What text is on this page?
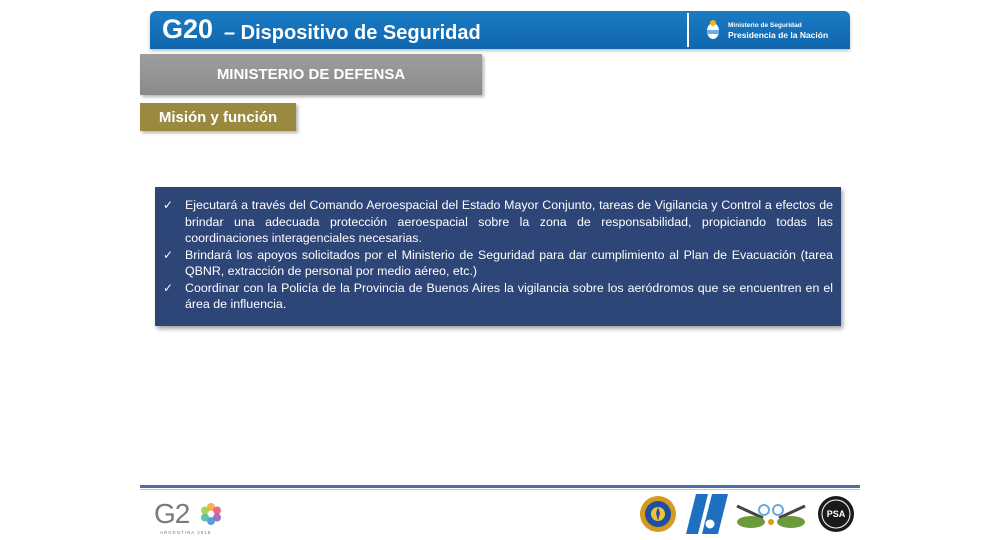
G20 – Dispositivo de Seguridad	Ministerio de Seguridad
Presidencia de la Nación
MINISTERIO DE DEFENSA
Misión y función
✓ Ejecutará a través del Comando Aeroespacial del Estado Mayor Conjunto, tareas de Vigilancia y Control a efectos de brindar una adecuada protección aeroespacial sobre la zona de responsabilidad, propiciando todas las coordinaciones interagenciales necesarias.
✓ Brindará los apoyos solicitados por el Ministerio de Seguridad para dar cumplimiento al Plan de Evacuación (tarea QBNR, extracción de personal por medio aéreo, etc.)
✓ Coordinar con la Policía de la Provincia de Buenos Aires la vigilancia sobre los aeródromos que se encuentren en el área de influencia.
G2
ARGENTINA 2018
PSA
